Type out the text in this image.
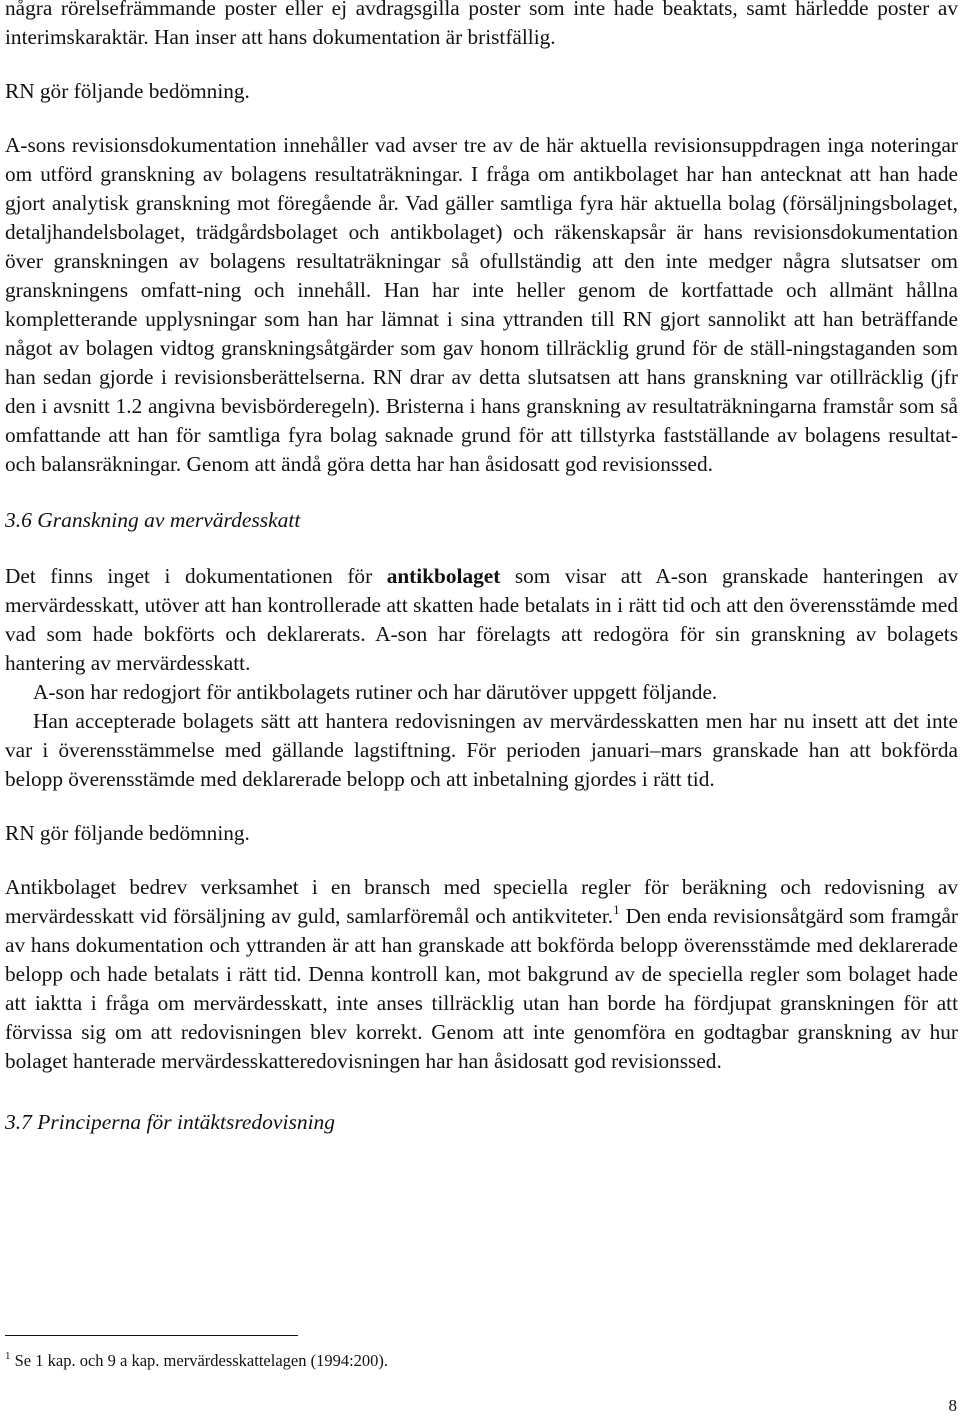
några rörelsefrämmande poster eller ej avdragsgilla poster som inte hade beaktats, samt härledde poster av interimskaraktär. Han inser att hans dokumentation är bristfällig.

RN gör följande bedömning.

A-sons revisionsdokumentation innehåller vad avser tre av de här aktuella revisionsuppdragen inga noteringar om utförd granskning av bolagens resultaträkningar. I fråga om antikbolaget har han antecknat att han hade gjort analytisk granskning mot föregående år. Vad gäller samtliga fyra här aktuella bolag (försäljningsbolaget, detaljhandelsbolaget, trädgårdsbolaget och antikbolaget) och räkenskapsår är hans revisionsdokumentation över granskningen av bolagens resultaträkningar så ofullständig att den inte medger några slutsatser om granskningens omfatt-ning och innehåll. Han har inte heller genom de kortfattade och allmänt hållna kompletterande upplysningar som han har lämnat i sina yttranden till RN gjort sannolikt att han beträffande något av bolagen vidtog granskningsåtgärder som gav honom tillräcklig grund för de ställ-ningstaganden som han sedan gjorde i revisionsberättelserna. RN drar av detta slutsatsen att hans granskning var otillräcklig (jfr den i avsnitt 1.2 angivna bevisbörderegeln). Bristerna i hans granskning av resultaträkningarna framstår som så omfattande att han för samtliga fyra bolag saknade grund för att tillstyrka fastställande av bolagens resultat- och balansräkningar. Genom att ändå göra detta har han åsidosatt god revisionssed.

3.6 Granskning av mervärdesskatt

Det finns inget i dokumentationen för antikbolaget som visar att A-son granskade hanteringen av mervärdesskatt, utöver att han kontrollerade att skatten hade betalats in i rätt tid och att den överensstämde med vad som hade bokförts och deklarerats. A-son har förelagts att redogöra för sin granskning av bolagets hantering av mervärdesskatt.

A-son har redogjort för antikbolagets rutiner och har därutöver uppgett följande.

Han accepterade bolagets sätt att hantera redovisningen av mervärdesskatten men har nu insett att det inte var i överensstämmelse med gällande lagstiftning. För perioden januari–mars granskade han att bokförda belopp överensstämde med deklarerade belopp och att inbetalning gjordes i rätt tid.

RN gör följande bedömning.

Antikbolaget bedrev verksamhet i en bransch med speciella regler för beräkning och redovisning av mervärdesskatt vid försäljning av guld, samlarföremål och antikviteter.$^1$ Den enda revisionsåtgärd som framgår av hans dokumentation och yttranden är att han granskade att bokförda belopp överensstämde med deklarerade belopp och hade betalats i rätt tid. Denna kontroll kan, mot bakgrund av de speciella regler som bolaget hade att iaktta i fråga om mervärdesskatt, inte anses tillräcklig utan han borde ha fördjupat granskningen för att förvissa sig om att redovisningen blev korrekt. Genom att inte genomföra en godtagbar granskning av hur bolaget hanterade mervärdesskatteredovisningen har han åsidosatt god revisionssed.

3.7 Principerna för intäktsredovisning
$^1$ Se 1 kap. och 9 a kap. mervärdesskattelagen (1994:200).
8
